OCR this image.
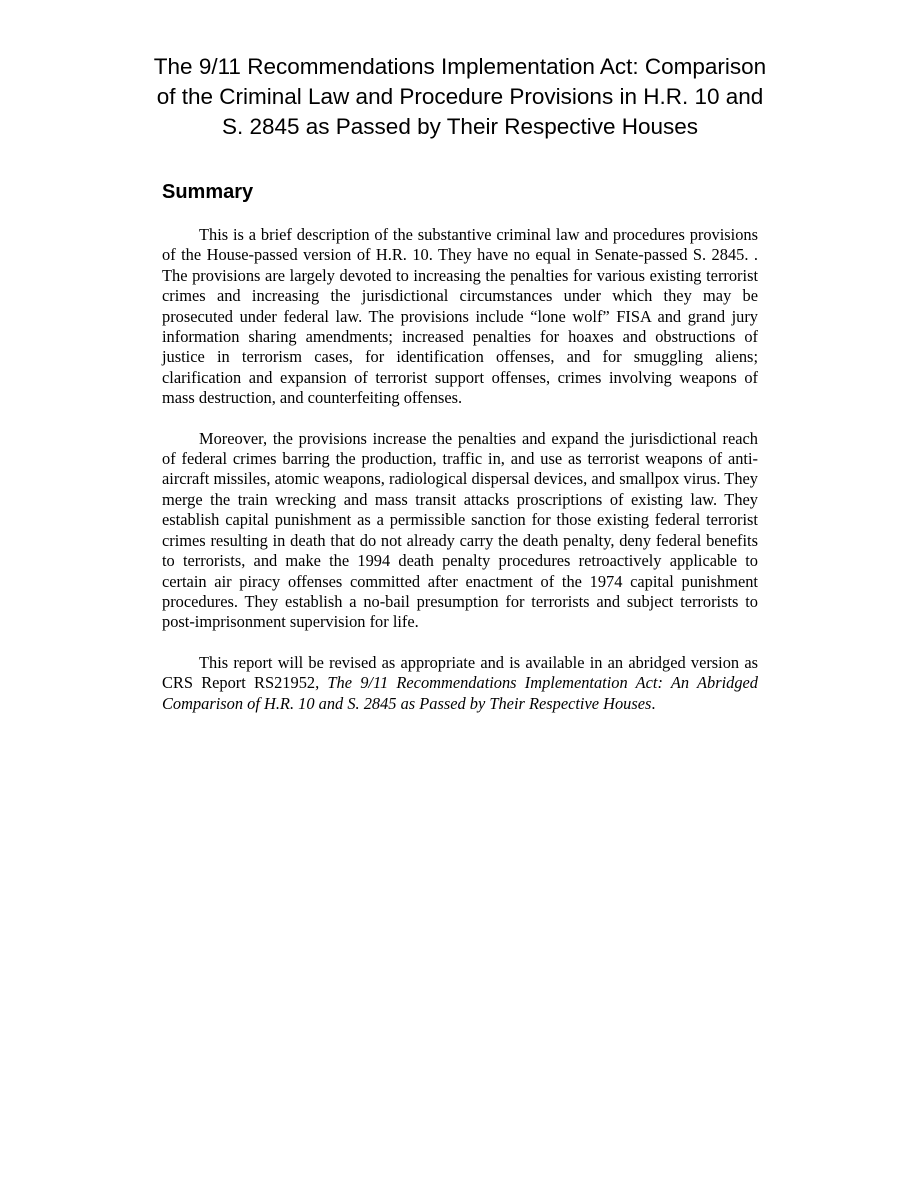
The 9/11 Recommendations Implementation Act: Comparison of the Criminal Law and Procedure Provisions in H.R. 10 and S. 2845 as Passed by Their Respective Houses
Summary

This is a brief description of the substantive criminal law and procedures provisions of the House-passed version of H.R. 10. They have no equal in Senate-passed S. 2845. . The provisions are largely devoted to increasing the penalties for various existing terrorist crimes and increasing the jurisdictional circumstances under which they may be prosecuted under federal law. The provisions include “lone wolf” FISA and grand jury information sharing amendments; increased penalties for hoaxes and obstructions of justice in terrorism cases, for identification offenses, and for smuggling aliens; clarification and expansion of terrorist support offenses, crimes involving weapons of mass destruction, and counterfeiting offenses.

Moreover, the provisions increase the penalties and expand the jurisdictional reach of federal crimes barring the production, traffic in, and use as terrorist weapons of anti-aircraft missiles, atomic weapons, radiological dispersal devices, and smallpox virus. They merge the train wrecking and mass transit attacks proscriptions of existing law. They establish capital punishment as a permissible sanction for those existing federal terrorist crimes resulting in death that do not already carry the death penalty, deny federal benefits to terrorists, and make the 1994 death penalty procedures retroactively applicable to certain air piracy offenses committed after enactment of the 1974 capital punishment procedures. They establish a no-bail presumption for terrorists and subject terrorists to post-imprisonment supervision for life.

This report will be revised as appropriate and is available in an abridged version as CRS Report RS21952, The 9/11 Recommendations Implementation Act: An Abridged Comparison of H.R. 10 and S. 2845 as Passed by Their Respective Houses.
